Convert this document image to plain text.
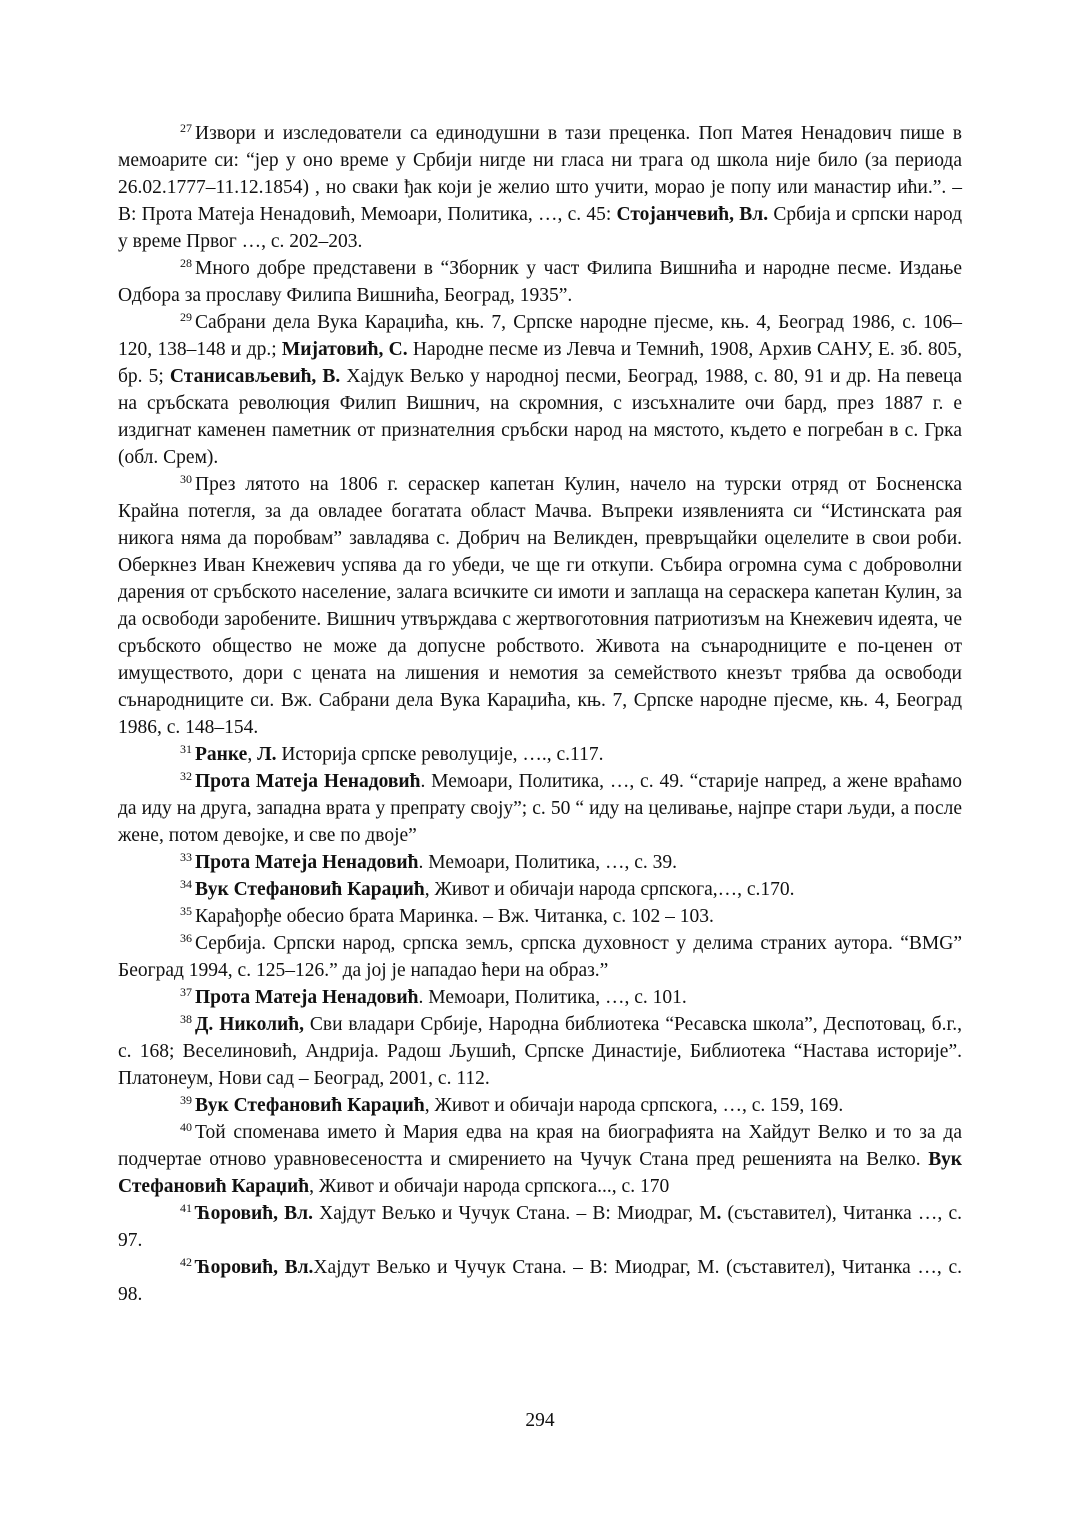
$^{27}$ Извори и изследователи са единодушни в тази преценка. Поп Матея Ненадович пише в мемоарите си: “јер у оно време у Србији нигде ни гласа ни трага од школа није било (за периода 26.02.1777–11.12.1854) , но сваки ђак који је желио што учити, морао је попу или манастир ићи.”. – В: Прота Матеја Ненадовић, Мемоари, Политика, …, с. 45: Стојанчевић, Вл. Србија и српски народ у време Првог …, с. 202–203.

$^{28}$ Много добре представени в “Зборник у част Филипа Вишнића и народне песме. Издање Одбора за прославу Филипа Вишнића, Београд, 1935”.

$^{29}$ Сабрани дела Вука Караџића, књ. 7, Српске народне пјесме, књ. 4, Београд 1986, с. 106–120, 138–148 и др.; Мијатовић, С. Народне песме из Левча и Темнић, 1908, Архив САНУ, Е. зб. 805, бр. 5; Станисављевић, В. Хајдук Вељко у народној песми, Београд, 1988, с. 80, 91 и др. На певеца на сръбската революция Филип Вишнич, на скромния, с изсъхналите очи бард, през 1887 г. е издигнат каменен паметник от признателния сръбски народ на мястото, където е погребан в с. Грка (обл. Срем).

$^{30}$ През лятото на 1806 г. сераскер капетан Кулин, начело на турски отряд от Босненска Крайна потегля, за да овладее богатата област Мачва. Въпреки изявленията си “Истинската рая никога няма да поробвам” завладява с. Добрич на Великден, превръщайки оцелелите в свои роби. Оберкнез Иван Кнежевич успява да го убеди, че ще ги откупи. Събира огромна сума с доброволни дарения от сръбското население, залага всичките си имоти и заплаща на сераскера капетан Кулин, за да освободи заробените. Вишнич утвърждава с жертвоготовния патриотизъм на Кнежевич идеята, че сръбското общество не може да допусне робството. Живота на сънародниците е по-ценен от имуществото, дори с цената на лишения и немотия за семейството кнезът трябва да освободи сънародниците си. Вж. Сабрани дела Вука Караџића, књ. 7, Српске народне пјесме, књ. 4, Београд 1986, с. 148–154.

$^{31}$ Ранке, Л. Историја српске револуције, …., с.117.

$^{32}$ Прота Матеја Ненадовић. Мемоари, Политика, …, с. 49. “старије напред, а жене враћамо да иду на друга, западна врата у препрату своју”; с. 50 “ иду на целивање, најпре стари људи, а после жене, потом девојке, и све по двоје”

$^{33}$ Прота Матеја Ненадовић. Мемоари, Политика, …, с. 39.

$^{34}$ Вук Стефановић Караџић, Живот и обичаји народа српскога,…, с.170.

$^{35}$ Карађорђе обесио брата Маринка. – Вж. Читанка, с. 102 – 103.

$^{36}$ Сербија. Српски народ, српска земљ, српска духовност у делима страних аутора. “BMG” Београд 1994, с. 125–126.” да јој је нападао ћери на образ.”

$^{37}$ Прота Матеја Ненадовић. Мемоари, Политика, …, с. 101.

$^{38}$ Д. Николић, Сви владари Србије, Народна библиотека “Ресавска школа”, Деспотовац, б.г., с. 168; Веселиновић, Андрија. Радош Љушић, Српске Династије, Библиотека “Настава историје”. Платонеум, Нови сад – Београд, 2001, с. 112.

$^{39}$ Вук Стефановић Караџић, Живот и обичаји народа српскога, …, с. 159, 169.

$^{40}$ Той споменава името ѝ Мария едва на края на биографията на Хайдут Велко и то за да подчертае отново уравновесеността и смирението на Чучук Стана пред решенията на Велко. Вук Стефановић Караџић, Живот и обичаји народа српскога..., с. 170

$^{41}$ Ћоровић, Вл. Хајдут Вељко и Чучук Стана. – В: Миодраг, М. (съставител), Читанка …, с. 97.

$^{42}$ Ћоровић, Вл.Хајдут Вељко и Чучук Стана. – В: Миодраг, М. (съставител), Читанка …, с. 98.

294
